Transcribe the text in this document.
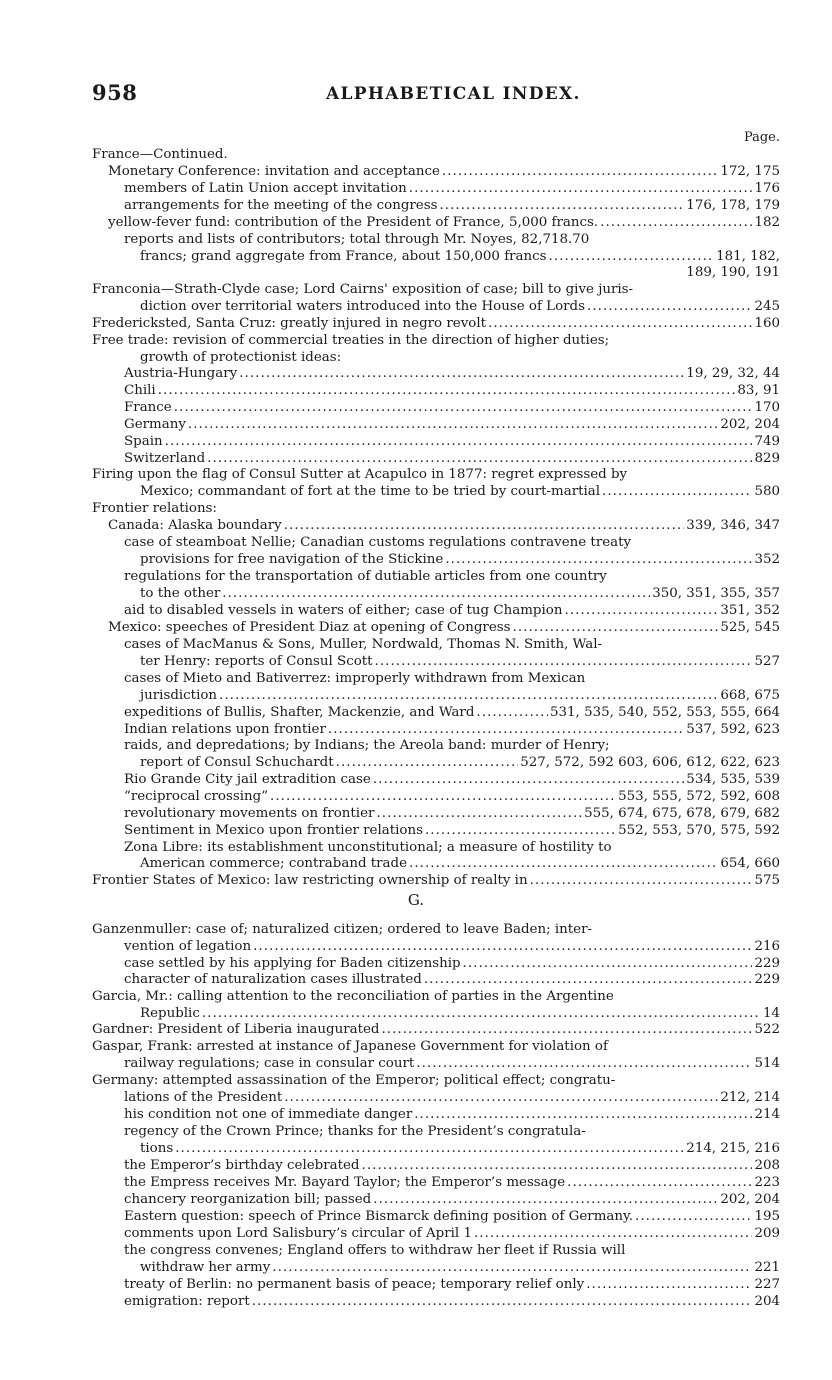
958	ALPHABETICAL INDEX.
Page.
G.
France—Continued.
Monetary Conference: invitation and acceptance . . .	172, 175
members of Latin Union accept invitation . . .	176
arrangements for the meeting of the congress . . .	176, 178, 179
yellow-fever fund: contribution of the President of France, 5,000 francs. . . .	182
reports and lists of contributors; total through Mr. Noyes, 82,718.70
francs; grand aggregate from France, about 150,000 francs . . .	181, 182,
189, 190, 191
Franconia—Strath-Clyde case; Lord Cairns' exposition of case; bill to give juris-
diction over territorial waters introduced into the House of Lords . . .	245
Fredericksted, Santa Cruz: greatly injured in negro revolt . . .	160
Free trade: revision of commercial treaties in the direction of higher duties;
growth of protectionist ideas:
Austria-Hungary . . .	19, 29, 32, 44
Chili . . .	83, 91
France . . .	170
Germany . . .	202, 204
Spain . . .	749
Switzerland . . .	829
Firing upon the flag of Consul Sutter at Acapulco in 1877: regret expressed by
Mexico; commandant of fort at the time to be tried by court-martial . . .	580
Frontier relations:
Canada: Alaska boundary . . .	339, 346, 347
case of steamboat Nellie; Canadian customs regulations contravene treaty
provisions for free navigation of the Stickine . . .	352
regulations for the transportation of dutiable articles from one country
to the other . . .	350, 351, 355, 357
aid to disabled vessels in waters of either; case of tug Champion . . .	351, 352
Mexico: speeches of President Diaz at opening of Congress . . .	525, 545
cases of MacManus & Sons, Muller, Nordwald, Thomas N. Smith, Wal-
ter Henry: reports of Consul Scott . . .	527
cases of Mieto and Bativerrez: improperly withdrawn from Mexican
jurisdiction . . .	668, 675
expeditions of Bullis, Shafter, Mackenzie, and Ward . . .	531, 535, 540, 552, 553, 555, 664
Indian relations upon frontier . . .	537, 592, 623
raids, and depredations; by Indians; the Areola band: murder of Henry;
report of Consul Schuchardt . . .	527, 572, 592 603, 606, 612, 622, 623
Rio Grande City jail extradition case . . .	534, 535, 539
“reciprocal crossing” . . .	553, 555, 572, 592, 608
revolutionary movements on frontier . . .	555, 674, 675, 678, 679, 682
Sentiment in Mexico upon frontier relations . . .	552, 553, 570, 575, 592
Zona Libre: its establishment unconstitutional; a measure of hostility to
American commerce; contraband trade . . .	654, 660
Frontier States of Mexico: law restricting ownership of realty in . . .	575
Ganzenmuller: case of; naturalized citizen; ordered to leave Baden; inter-
vention of legation . . .	216
case settled by his applying for Baden citizenship . . .	229
character of naturalization cases illustrated . . .	229
Garcia, Mr.: calling attention to the reconciliation of parties in the Argentine
Republic . . .	14
Gardner: President of Liberia inaugurated . . .	522
Gaspar, Frank: arrested at instance of Japanese Government for violation of
railway regulations; case in consular court . . .	514
Germany: attempted assassination of the Emperor; political effect; congratu-
lations of the President . . .	212, 214
his condition not one of immediate danger . . .	214
regency of the Crown Prince; thanks for the President’s congratula-
tions . . .	214, 215, 216
the Emperor’s birthday celebrated . . .	208
the Empress receives Mr. Bayard Taylor; the Emperor’s message . . .	223
chancery reorganization bill; passed . . .	202, 204
Eastern question: speech of Prince Bismarck defining position of Germany. . . .	195
comments upon Lord Salisbury’s circular of April 1 . . .	209
the congress convenes; England offers to withdraw her fleet if Russia will
withdraw her army . . .	221
treaty of Berlin: no permanent basis of peace; temporary relief only . . .	227
emigration: report . . .	204
